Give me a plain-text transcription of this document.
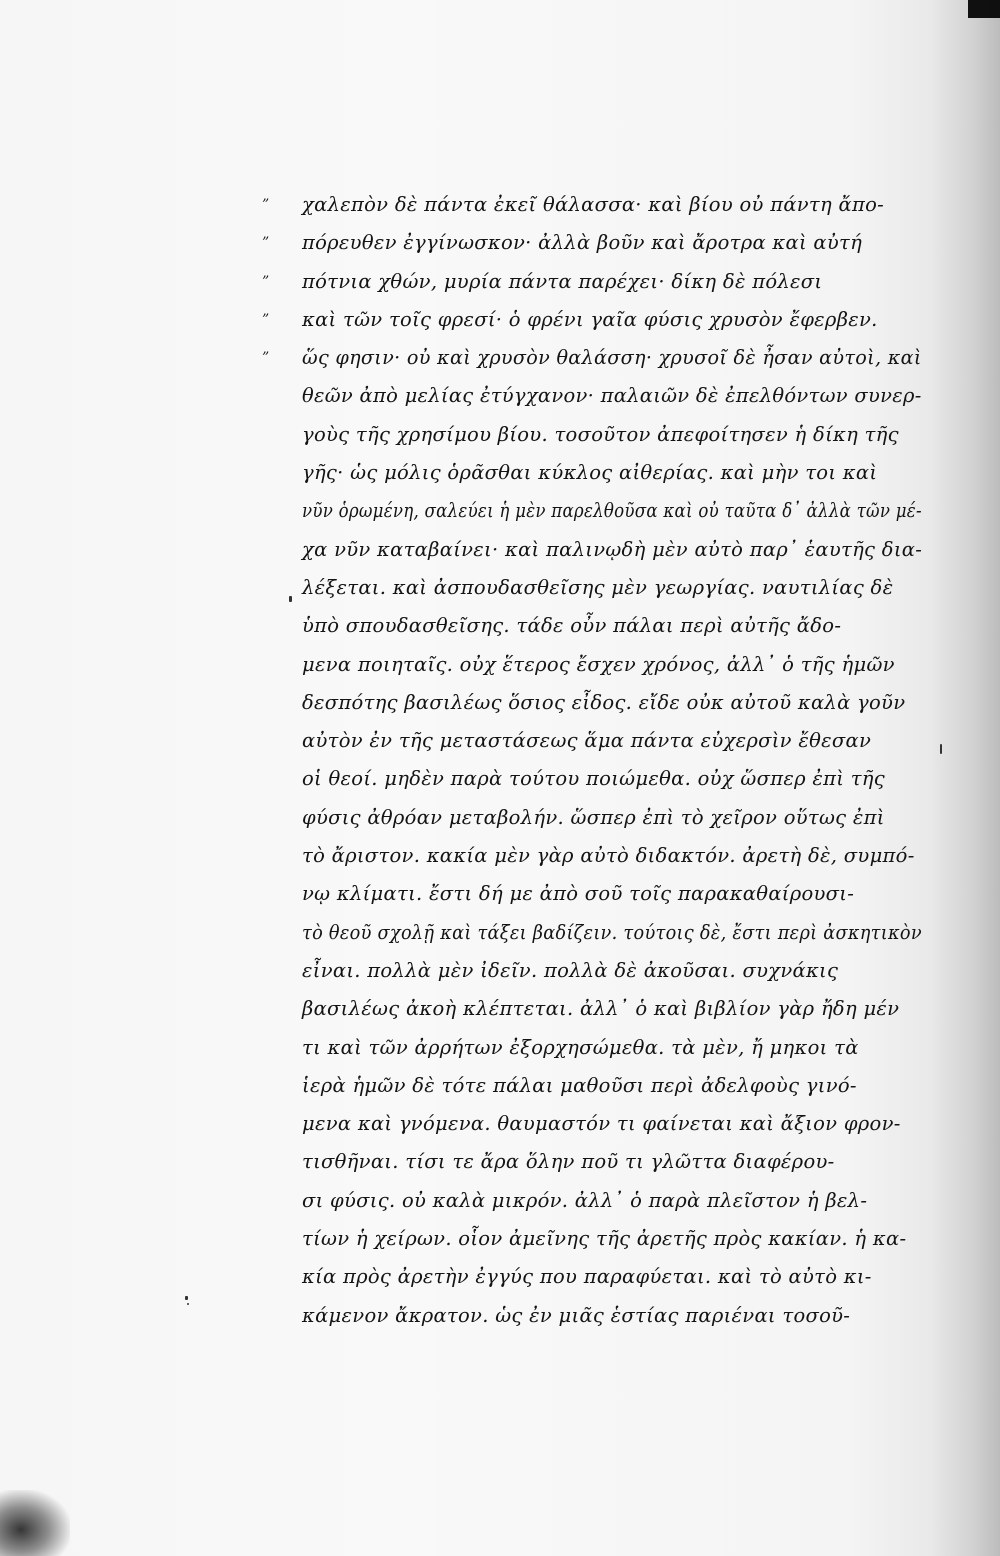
”	χαλεπὸν δὲ πάντα ἐκεῖ θάλασσα· καὶ βίου οὐ πάντη ἄπο-
”	πόρευθεν ἐγγίνωσκον· ἀλλὰ βοῦν καὶ ἄροτρα καὶ αὐτή
”	πότνια χθών, μυρία πάντα παρέχει· δίκη δὲ πόλεσι
”	καὶ τῶν τοῖς φρεσί· ὁ φρένι γαῖα φύσις χρυσὸν ἔφερβεν.
”	ὥς φησιν· οὐ καὶ χρυσὸν θαλάσση· χρυσοῖ δὲ ἦσαν αὐτοὶ, καὶ
θεῶν ἀπὸ μελίας ἐτύγχανον· παλαιῶν δὲ ἐπελθόντων συνερ-
γοὺς τῆς χρησίμου βίου. τοσοῦτον ἀπεφοίτησεν ἡ δίκη τῆς
γῆς· ὡς μόλις ὁρᾶσθαι κύκλος αἰθερίας. καὶ μὴν τοι καὶ
νῦν ὁρωμένη, σαλεύει ἡ μὲν παρελθοῦσα καὶ οὐ ταῦτα δ᾽ ἀλλὰ τῶν μέ-
χα νῦν καταβαίνει· καὶ παλινῳδὴ μὲν αὐτὸ παρ᾽ ἑαυτῆς δια-
λέξεται. καὶ ἀσπουδασθεῖσης μὲν γεωργίας. ναυτιλίας δὲ
ὑπὸ σπουδασθεῖσης. τάδε οὖν πάλαι περὶ αὐτῆς ἄδο-
μενα ποιηταῖς. οὐχ ἕτερος ἔσχεν χρόνος, ἀλλ᾽ ὁ τῆς ἡμῶν
δεσπότης βασιλέως ὅσιος εἶδος. εἴδε οὐκ αὐτοῦ καλὰ γοῦν
αὐτὸν ἐν τῆς μεταστάσεως ἅμα πάντα εὐχερσὶν ἔθεσαν
οἱ θεοί. μηδὲν παρὰ τούτου ποιώμεθα. οὐχ ὥσπερ ἐπὶ τῆς
φύσις ἀθρόαν μεταβολήν. ὥσπερ ἐπὶ τὸ χεῖρον οὕτως ἐπὶ
τὸ ἄριστον. κακία μὲν γὰρ αὐτὸ διδακτόν. ἀρετὴ δὲ, συμπό-
νῳ κλίματι. ἔστι δή με ἀπὸ σοῦ τοῖς παρακαθαίρουσι-
τὸ θεοῦ σχολῇ καὶ τάξει βαδίζειν. τούτοις δὲ, ἔστι περὶ ἀσκητικὸν
εἶναι. πολλὰ μὲν ἰδεῖν. πολλὰ δὲ ἀκοῦσαι. συχνάκις
βασιλέως ἀκοὴ κλέπτεται. ἀλλ᾽ ὁ καὶ βιβλίον γὰρ ἤδη μέν
τι καὶ τῶν ἀρρήτων ἐξορχησώμεθα. τὰ μὲν, ἤ μηκοι τὰ
ἱερὰ ἡμῶν δὲ τότε πάλαι μαθοῦσι περὶ ἀδελφοὺς γινό-
μενα καὶ γνόμενα. θαυμαστόν τι φαίνεται καὶ ἄξιον φρον-
τισθῆναι. τίσι τε ἄρα ὅλην ποῦ τι γλῶττα διαφέρου-
σι φύσις. οὐ καλὰ μικρόν. ἀλλ᾽ ὁ παρὰ πλεῖστον ἡ βελ-
τίων ἡ χείρων. οἷον ἀμεῖνης τῆς ἀρετῆς πρὸς κακίαν. ἡ κα-
κία πρὸς ἀρετὴν ἐγγύς που παραφύεται. καὶ τὸ αὐτὸ κι-
κάμενον ἄκρατον. ὡς ἐν μιᾶς ἑστίας παριέναι τοσοῦ-
